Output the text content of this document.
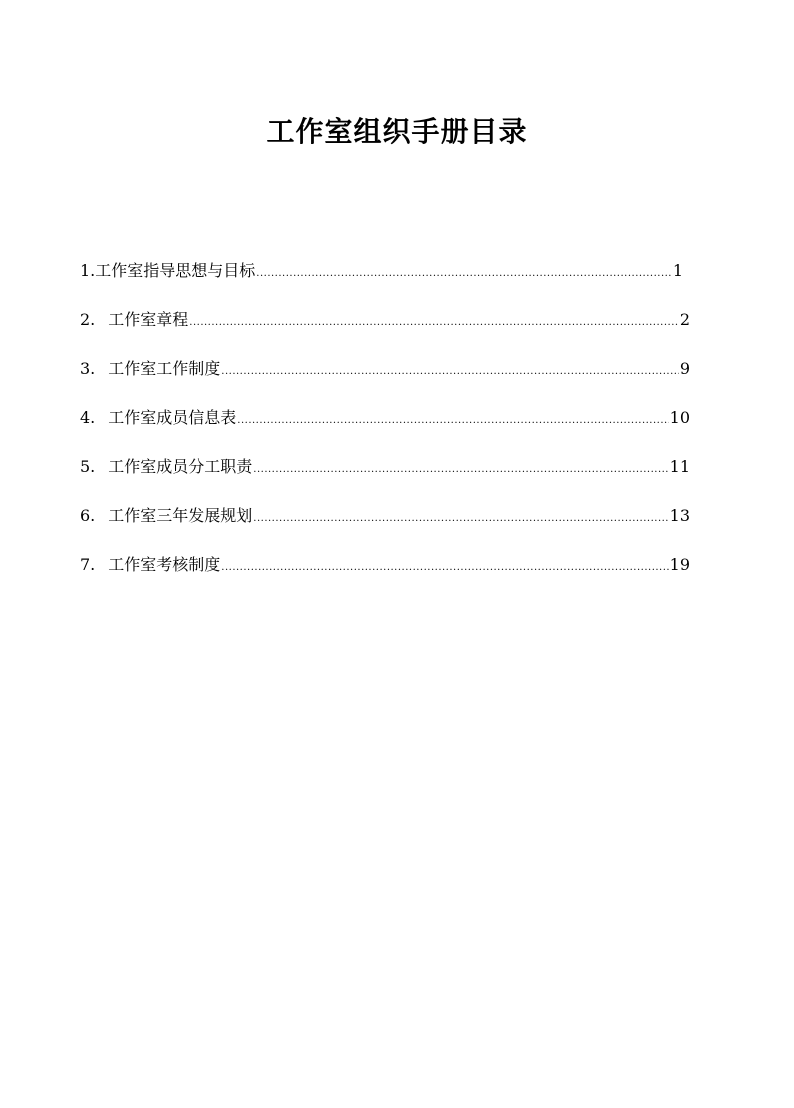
工作室组织手册目录
1. 工作室指导思想与目标 .....	1
2. 工作室章程 .....	2
3. 工作室工作制度 .....	9
4. 工作室成员信息表 .....	10
5. 工作室成员分工职责 .....	11
6. 工作室三年发展规划 .....	13
7. 工作室考核制度 .....	19
